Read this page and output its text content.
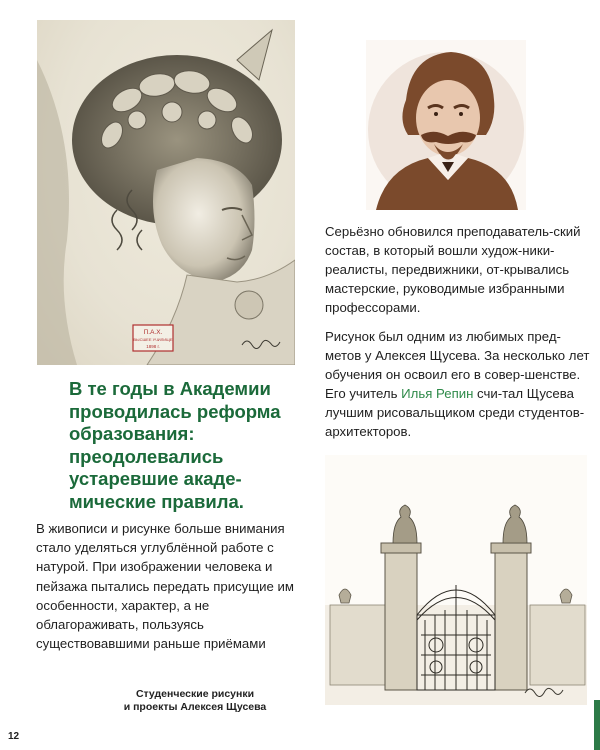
П.А.Х.
ВЫСШЕЕ УЧИЛИЩЕ
1898 г.

Серьёзно обновился преподаватель-ский состав, в который вошли худож-ники-реалисты, передвижники, от-крывались мастерские, руководимые избранными профессорами.

Рисунок был одним из любимых пред-метов у Алексея Щусева. За несколько лет обучения он освоил его в совер-шенстве. Его учитель Илья Репин счи-тал Щусева лучшим рисовальщиком среди студентов-архитекторов.

В те годы в Академии проводилась реформа образования: преодолевались устаревшие акаде-мические правила.

В живописи и рисунке больше внимания стало уделяться углублённой работе с натурой. При изображении человека и пейзажа пытались передать присущие им особенности, характер, а не облагораживать, пользуясь существовавшими раньше приёмами

Студенческие рисунки
и проекты Алексея Щусева
12
